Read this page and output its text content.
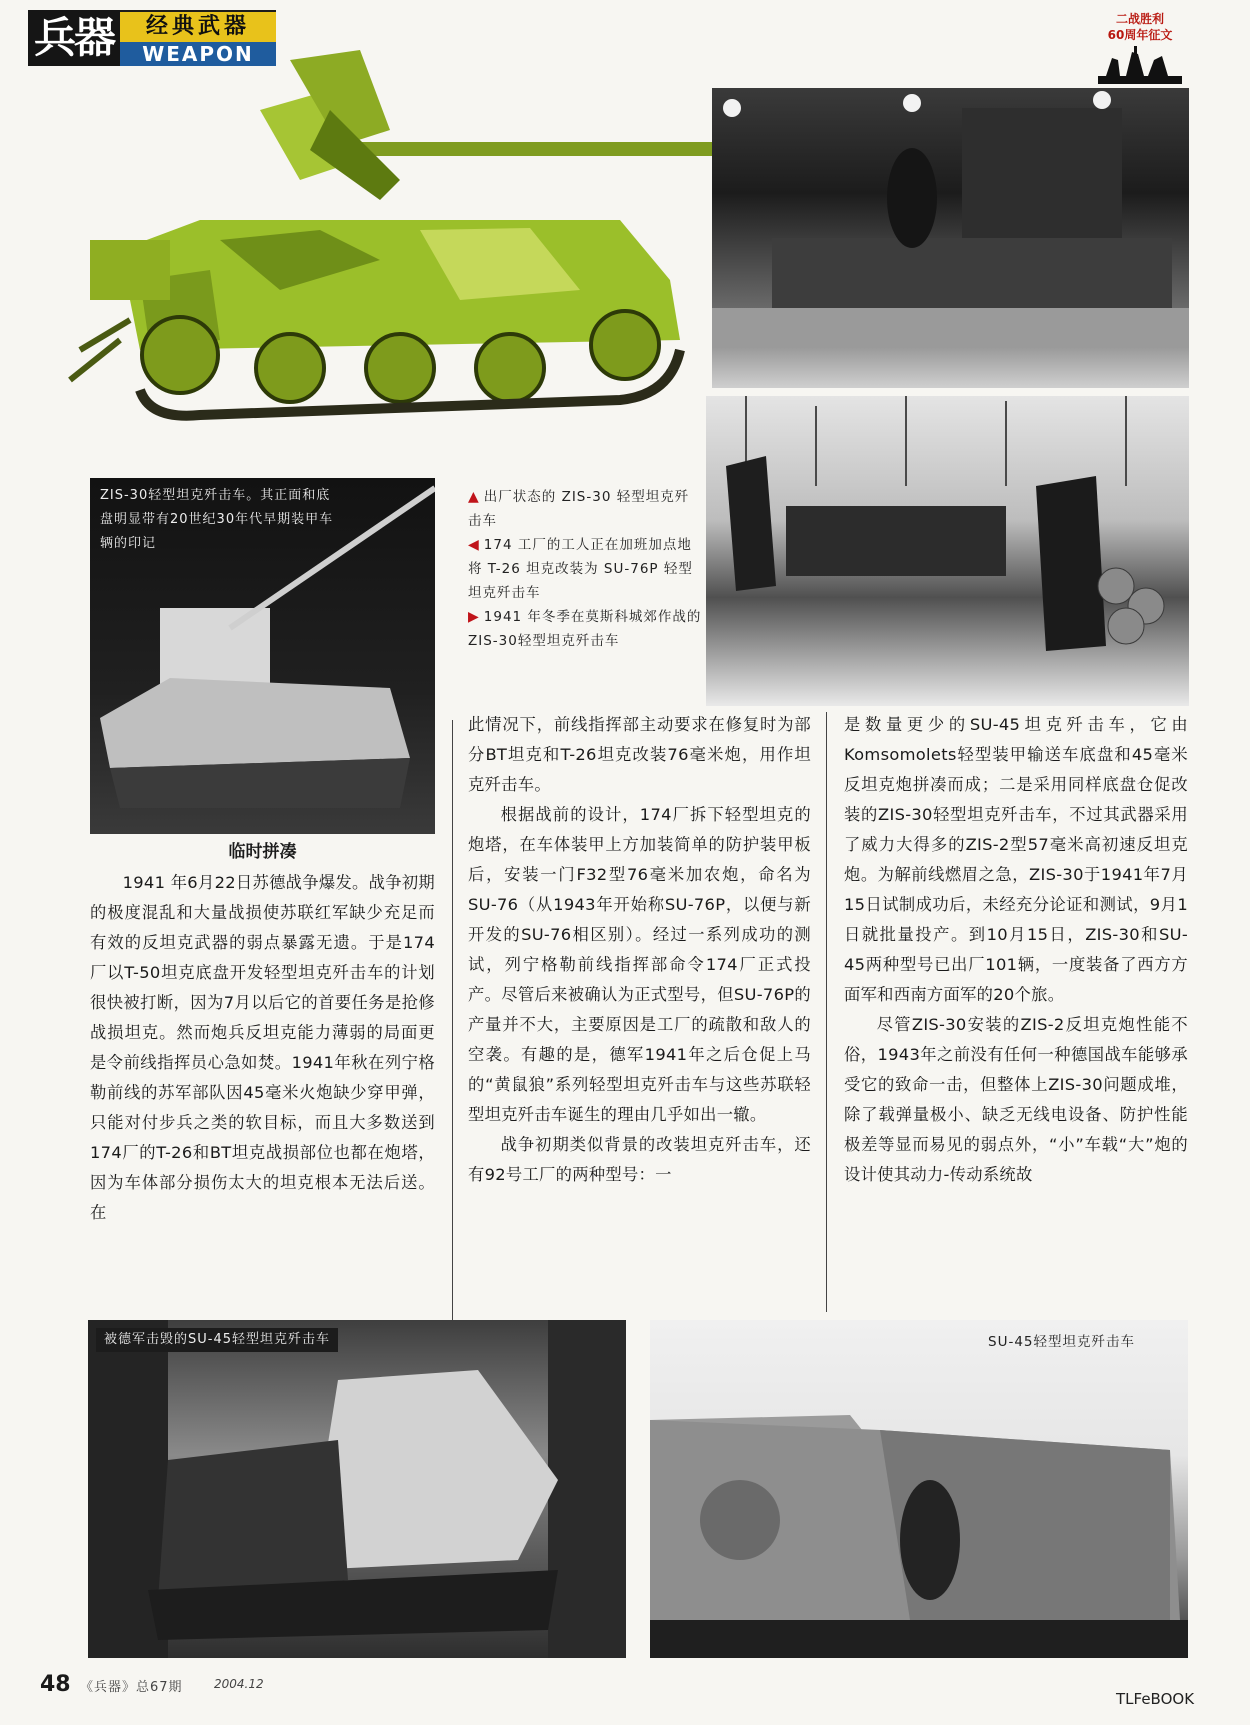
兵器	经典武器
WEAPON
二战胜利
60周年征文
ZIS-30轻型坦克歼击车。其正面和底盘明显带有20世纪30年代早期装甲车辆的印记
▲ 出厂状态的 ZIS-30 轻型坦克歼击车
◀ 174 工厂的工人正在加班加点地将 T-26 坦克改装为 SU-76P 轻型坦克歼击车
▶ 1941 年冬季在莫斯科城郊作战的ZIS-30轻型坦克歼击车
临时拼凑

1941 年6月22日苏德战争爆发。战争初期的极度混乱和大量战损使苏联红军缺少充足而有效的反坦克武器的弱点暴露无遗。于是174厂以T-50坦克底盘开发轻型坦克歼击车的计划很快被打断，因为7月以后它的首要任务是抢修战损坦克。然而炮兵反坦克能力薄弱的局面更是令前线指挥员心急如焚。1941年秋在列宁格勒前线的苏军部队因45毫米火炮缺少穿甲弹，只能对付步兵之类的软目标，而且大多数送到174厂的T-26和BT坦克战损部位也都在炮塔，因为车体部分损伤太大的坦克根本无法后送。在

此情况下，前线指挥部主动要求在修复时为部分BT坦克和T-26坦克改装76毫米炮，用作坦克歼击车。

根据战前的设计，174厂拆下轻型坦克的炮塔，在车体装甲上方加装简单的防护装甲板后，安装一门F32型76毫米加农炮，命名为SU-76（从1943年开始称SU-76P，以便与新开发的SU-76相区别）。经过一系列成功的测试，列宁格勒前线指挥部命令174厂正式投产。尽管后来被确认为正式型号，但SU-76P的产量并不大，主要原因是工厂的疏散和敌人的空袭。有趣的是，德军1941年之后仓促上马的“黄鼠狼”系列轻型坦克歼击车与这些苏联轻型坦克歼击车诞生的理由几乎如出一辙。

战争初期类似背景的改装坦克歼击车，还有92号工厂的两种型号：一

是数量更少的SU-45坦克歼击车，它由Komsomolets轻型装甲输送车底盘和45毫米反坦克炮拼凑而成；二是采用同样底盘仓促改装的ZIS-30轻型坦克歼击车，不过其武器采用了威力大得多的ZIS-2型57毫米高初速反坦克炮。为解前线燃眉之急，ZIS-30于1941年7月15日试制成功后，未经充分论证和测试，9月1日就批量投产。到10月15日，ZIS-30和SU-45两种型号已出厂101辆，一度装备了西方方面军和西南方面军的20个旅。

尽管ZIS-30安装的ZIS-2反坦克炮性能不俗，1943年之前没有任何一种德国战车能够承受它的致命一击，但整体上ZIS-30问题成堆，除了载弹量极小、缺乏无线电设备、防护性能极差等显而易见的弱点外，“小”车载“大”炮的设计使其动力-传动系统故

被德军击毁的SU-45轻型坦克歼击车	SU-45轻型坦克歼击车
48 《兵器》总67期	2004.12
TLFeBOOK
